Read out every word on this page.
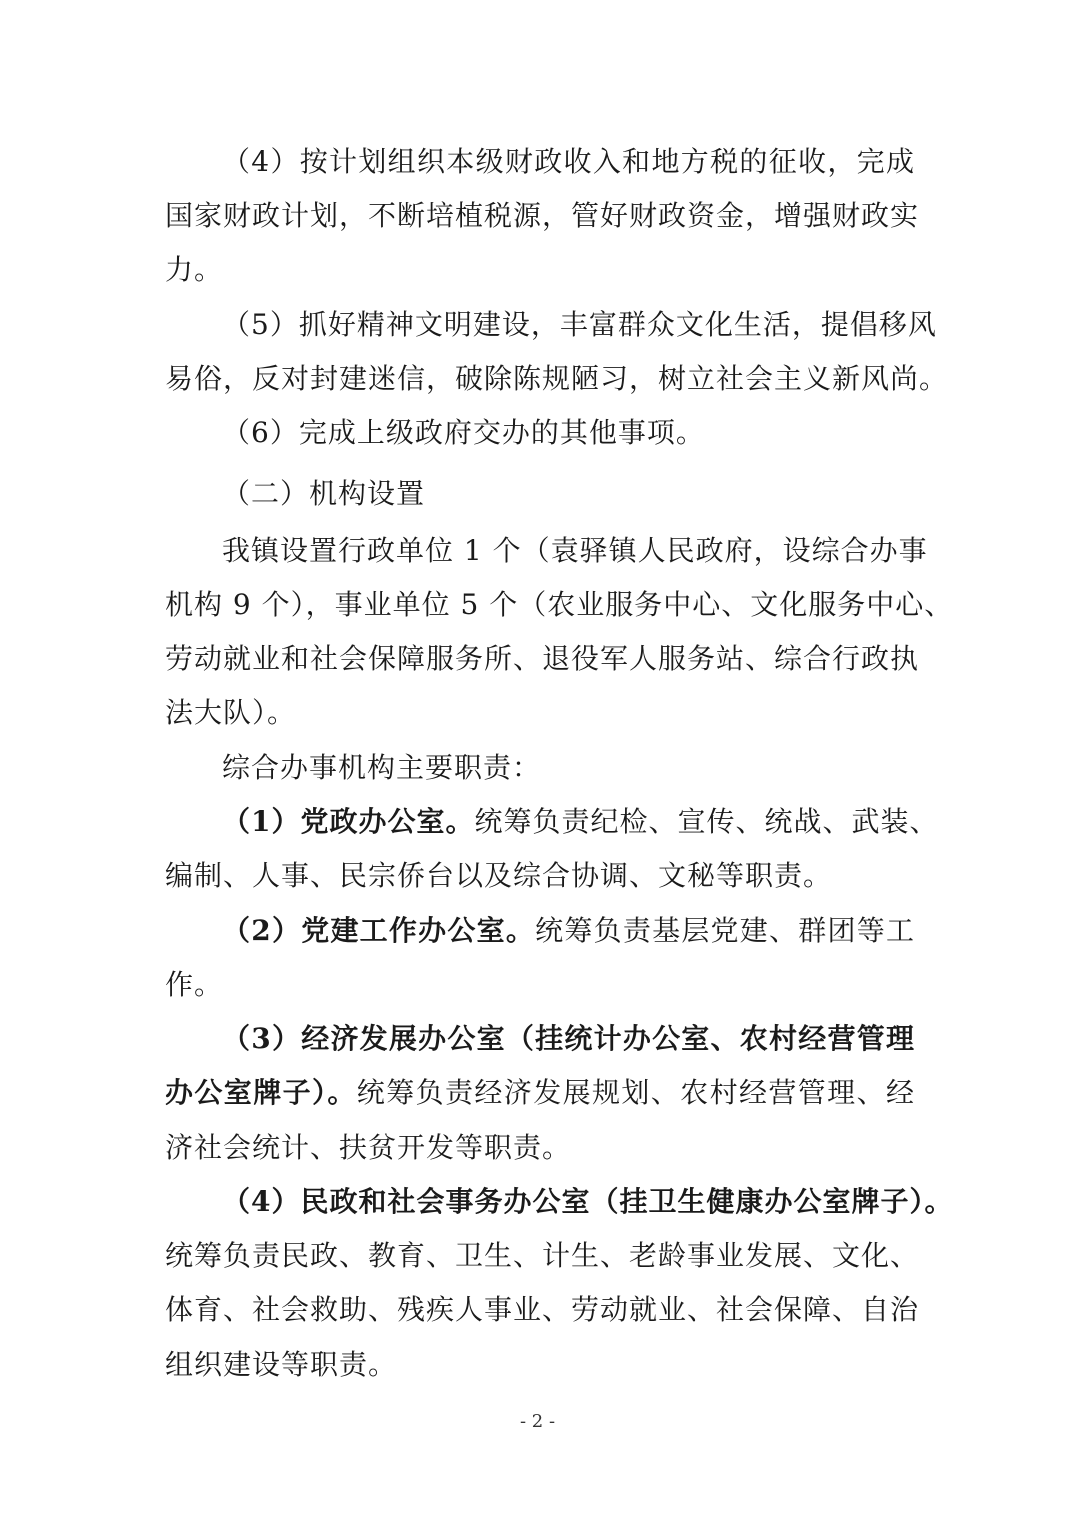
（4）按计划组织本级财政收入和地方税的征收，完成
国家财政计划，不断培植税源，管好财政资金，增强财政实
力。
（5）抓好精神文明建设，丰富群众文化生活，提倡移风
易俗，反对封建迷信，破除陈规陋习，树立社会主义新风尚。
（6）完成上级政府交办的其他事项。
（二）机构设置
我镇设置行政单位 1 个（袁驿镇人民政府，设综合办事
机构 9 个），事业单位 5 个（农业服务中心、文化服务中心、
劳动就业和社会保障服务所、退役军人服务站、综合行政执
法大队）。
综合办事机构主要职责：
（1）党政办公室。统筹负责纪检、宣传、统战、武装、
编制、人事、民宗侨台以及综合协调、文秘等职责。
（2）党建工作办公室。统筹负责基层党建、群团等工
作。
（3）经济发展办公室（挂统计办公室、农村经营管理
办公室牌子）。统筹负责经济发展规划、农村经营管理、经
济社会统计、扶贫开发等职责。
（4）民政和社会事务办公室（挂卫生健康办公室牌子）。
统筹负责民政、教育、卫生、计生、老龄事业发展、文化、
体育、社会救助、残疾人事业、劳动就业、社会保障、自治
组织建设等职责。
- 2 -
